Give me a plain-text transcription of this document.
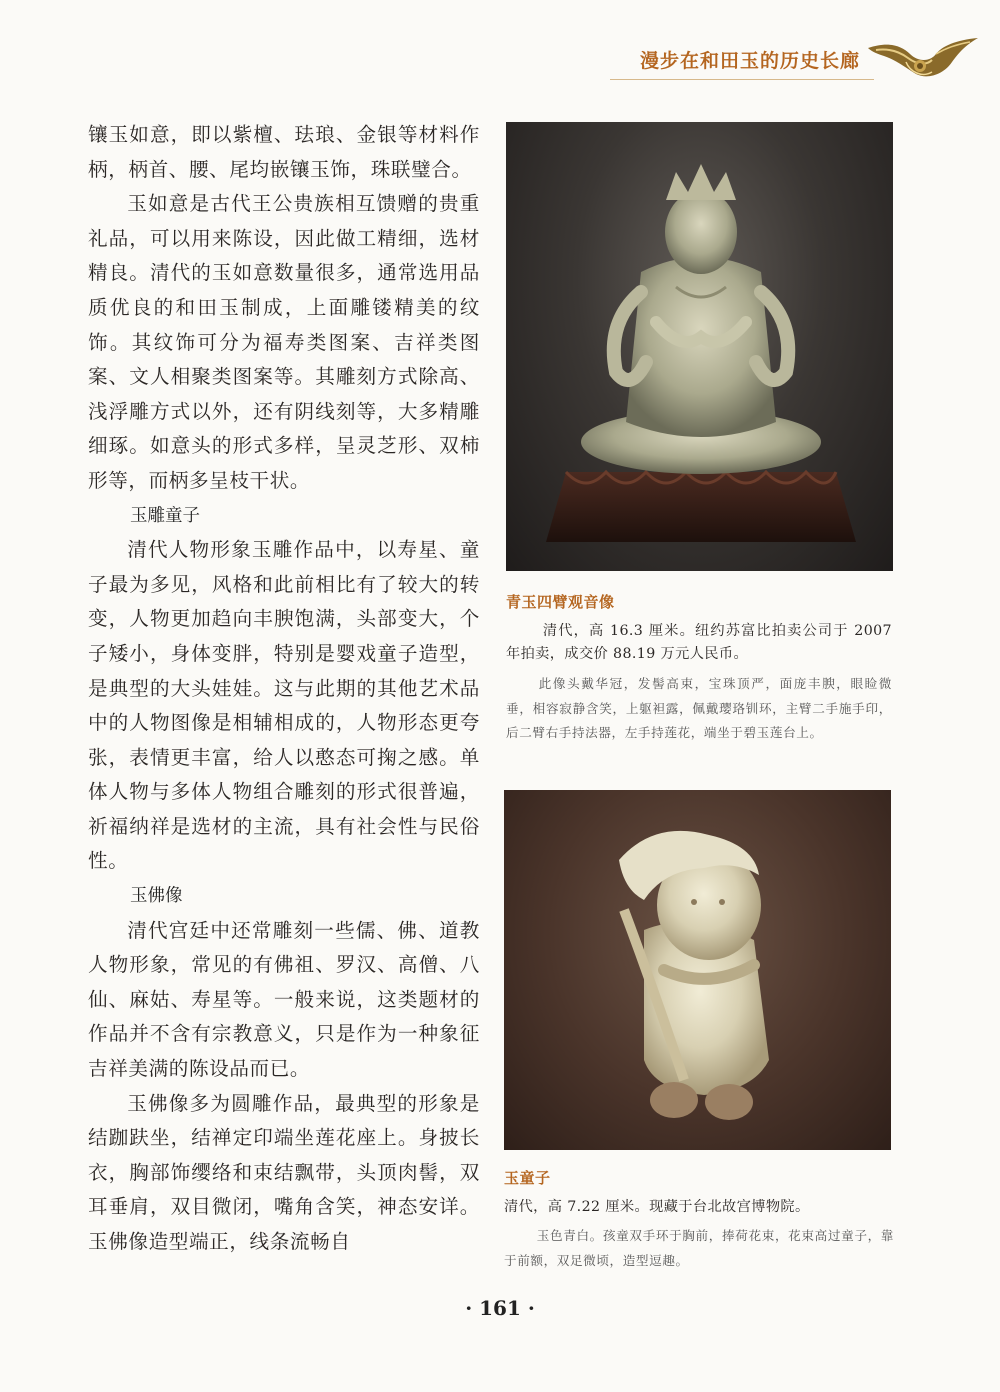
漫步在和田玉的历史长廊

镶玉如意，即以紫檀、珐琅、金银等材料作柄，柄首、腰、尾均嵌镶玉饰，珠联璧合。

玉如意是古代王公贵族相互馈赠的贵重礼品，可以用来陈设，因此做工精细，选材精良。清代的玉如意数量很多，通常选用品质优良的和田玉制成，上面雕镂精美的纹饰。其纹饰可分为福寿类图案、吉祥类图案、文人相聚类图案等。其雕刻方式除高、浅浮雕方式以外，还有阴线刻等，大多精雕细琢。如意头的形式多样，呈灵芝形、双柿形等，而柄多呈枝干状。

玉雕童子

清代人物形象玉雕作品中，以寿星、童子最为多见，风格和此前相比有了较大的转变，人物更加趋向丰腴饱满，头部变大，个子矮小，身体变胖，特别是婴戏童子造型，是典型的大头娃娃。这与此期的其他艺术品中的人物图像是相辅相成的，人物形态更夸张，表情更丰富，给人以憨态可掬之感。单体人物与多体人物组合雕刻的形式很普遍，祈福纳祥是选材的主流，具有社会性与民俗性。

玉佛像

清代宫廷中还常雕刻一些儒、佛、道教人物形象，常见的有佛祖、罗汉、高僧、八仙、麻姑、寿星等。一般来说，这类题材的作品并不含有宗教意义，只是作为一种象征吉祥美满的陈设品而已。

玉佛像多为圆雕作品，最典型的形象是结跏趺坐，结禅定印端坐莲花座上。身披长衣，胸部饰缨络和束结飘带，头顶肉髻，双耳垂肩，双目微闭，嘴角含笑，神态安详。玉佛像造型端正，线条流畅自

青玉四臂观音像

清代，高 16.3 厘米。纽约苏富比拍卖公司于 2007 年拍卖，成交价 88.19 万元人民币。

此像头戴华冠，发髻高束，宝珠顶严，面庞丰腴，眼睑微垂，相容寂静含笑，上躯袒露，佩戴璎珞钏环，主臂二手施手印，后二臂右手持法器，左手持莲花，端坐于碧玉莲台上。

玉童子

清代，高 7.22 厘米。现藏于台北故宫博物院。

玉色青白。孩童双手环于胸前，捧荷花束，花束高过童子，靠于前额，双足微顷，造型逗趣。

· 161 ·
